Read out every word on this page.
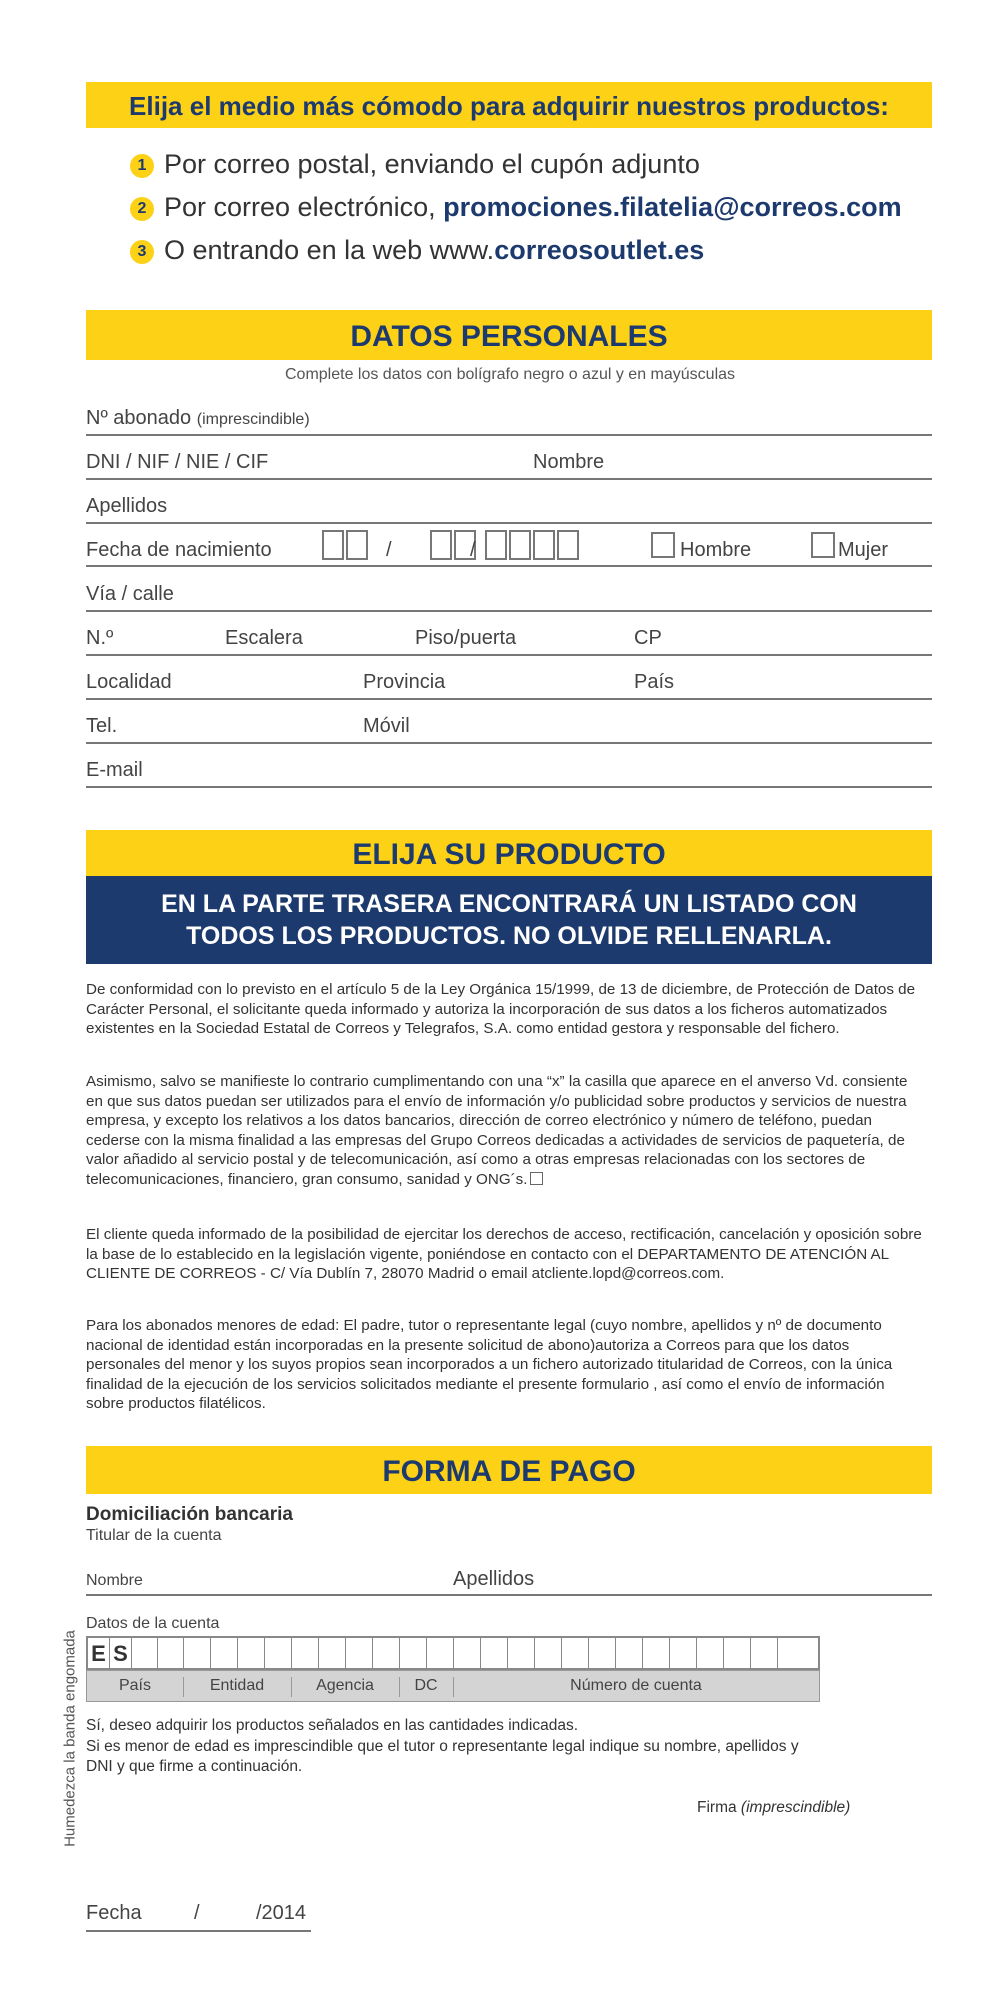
Elija el medio más cómodo para adquirir nuestros productos:
1 Por correo postal, enviando el cupón adjunto
2 Por correo electrónico, promociones.filatelia@correos.com
3 O entrando en la web www.correosoutlet.es
DATOS PERSONALES
Complete los datos con bolígrafo negro o azul y en mayúsculas
Nº abonado (imprescindible)
DNI / NIF / NIE / CIF	Nombre
Apellidos
Fecha de nacimiento	/	/	Hombre	Mujer
Vía / calle
N.º	Escalera	Piso/puerta	CP
Localidad	Provincia	País
Tel.	Móvil
E-mail
ELIJA SU PRODUCTO
EN LA PARTE TRASERA ENCONTRARÁ UN LISTADO CON TODOS LOS PRODUCTOS. NO OLVIDE RELLENARLA.
De conformidad con lo previsto en el artículo 5 de la Ley Orgánica 15/1999, de 13 de diciembre, de Protección de Datos de Carácter Personal, el solicitante queda informado y autoriza la incorporación de sus datos a los ficheros automatizados existentes en la Sociedad Estatal de Correos y Telegrafos, S.A. como entidad gestora y responsable del fichero.
Asimismo, salvo se manifieste lo contrario cumplimentando con una “x” la casilla que aparece en el anverso Vd. consiente en que sus datos puedan ser utilizados para el envío de información y/o publicidad sobre productos y servicios de nuestra empresa, y excepto los relativos a los datos bancarios, dirección de correo electrónico y número de teléfono, puedan cederse con la misma finalidad a las empresas del Grupo Correos dedicadas a actividades de servicios de paquetería, de valor añadido al servicio postal y de telecomunicación, así como a otras empresas relacionadas con los sectores de telecomunicaciones, financiero, gran consumo, sanidad y ONG´s.
El cliente queda informado de la posibilidad de ejercitar los derechos de acceso, rectificación, cancelación y oposición sobre la base de lo establecido en la legislación vigente, poniéndose en contacto con el DEPARTAMENTO DE ATENCIÓN AL CLIENTE DE CORREOS - C/ Vía Dublín 7, 28070 Madrid o email atcliente.lopd@correos.com.
Para los abonados menores de edad: El padre, tutor o representante legal (cuyo nombre, apellidos y nº de documento nacional de identidad están incorporadas en la presente solicitud de abono)autoriza a Correos para que los datos personales del menor y los suyos propios sean incorporados a un fichero autorizado titularidad de Correos, con la única finalidad de la ejecución de los servicios solicitados mediante el presente formulario , así como el envío de información sobre productos filatélicos.
FORMA DE PAGO
Domiciliación bancaria
Titular de la cuenta
Nombre	Apellidos
Datos de la cuenta
E S
País	Entidad	Agencia	DC	Número de cuenta
Sí, deseo adquirir los productos señalados en las cantidades indicadas.
Si es menor de edad es imprescindible que el tutor o representante legal indique su nombre, apellidos y DNI y que firme a continuación.
Firma (imprescindible)
Fecha	/	/2014
Humedezca la banda engomada
